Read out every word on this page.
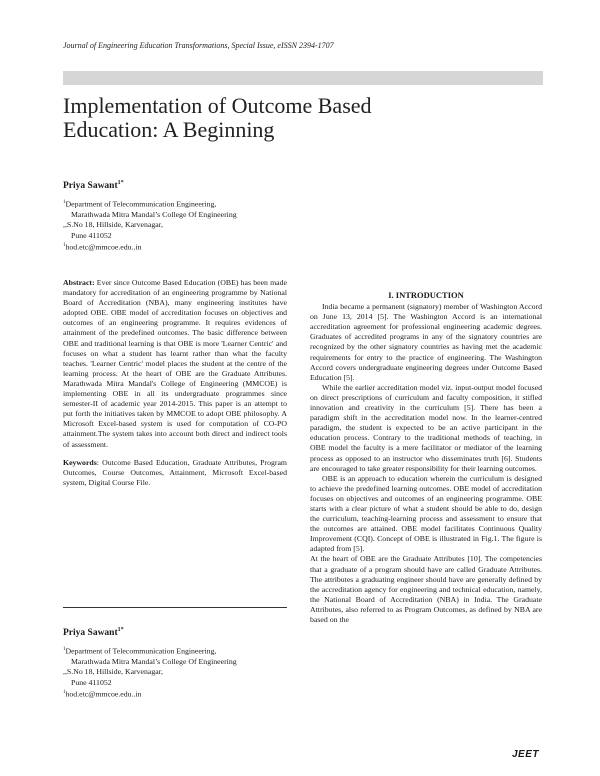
Journal of Engineering Education Transformations, Special Issue, eISSN 2394-1707
Implementation of Outcome Based
Education: A Beginning
Priya Sawant$^{1*}$
$^1$Department of Telecommunication Engineering,
Marathwada Mitra Mandal’s College Of Engineering
,,S.No 18, Hillside, Karvenagar,
Pune 411052
$^1$hod.etc@mmcoe.edu..in

Abstract: Ever since Outcome Based Education (OBE) has been made mandatory for accreditation of an engineering programme by National Board of Accreditation (NBA), many engineering institutes have adopted OBE. OBE model of accreditation focuses on objectives and outcomes of an engineering programme. It requires evidences of attainment of the predefined outcomes. The basic difference between OBE and traditional learning is that OBE is more 'Learner Centric' and focuses on what a student has learnt rather than what the faculty teaches. 'Learner Centric' model places the student at the centre of the learning process. At the heart of OBE are the Graduate Attributes. Marathwada Mitra Mandal's College of Engineering (MMCOE) is implementing OBE in all its undergraduate programmes since semester-II of academic year 2014-2015. This paper is an attempt to put forth the initiatives taken by MMCOE to adopt OBE philosophy. A Microsoft Excel-based system is used for computation of CO-PO attainment.The system takes into account both direct and indirect tools of assessment.

Keywords: Outcome Based Education, Graduate Attributes, Program Outcomes, Course Outcomes, Attainment, Microsoft Excel-based system, Digital Course File.

Priya Sawant$^{1*}$
$^1$Department of Telecommunication Engineering,
Marathwada Mitra Mandal’s College Of Engineering
,,S.No 18, Hillside, Karvenagar,
Pune 411052
$^1$hod.etc@mmcoe.edu..in
I. INTRODUCTION

India became a permanent (signatory) member of Washington Accord on June 13, 2014 [5]. The Washington Accord is an international accreditation agreement for professional engineering academic degrees. Graduates of accredited programs in any of the signatory countries are recognized by the other signatory countries as having met the academic requirements for entry to the practice of engineering. The Washington Accord covers undergraduate engineering degrees under Outcome Based Education [5].

While the earlier accreditation model viz. input-output model focused on direct prescriptions of curriculum and faculty composition, it stifled innovation and creativity in the curriculum [5]. There has been a paradigm shift in the accreditation model now. In the learner-centred paradigm, the student is expected to be an active participant in the education process. Contrary to the traditional methods of teaching, in OBE model the faculty is a mere facilitator or mediator of the learning process as opposed to an instructor who disseminates truth [6]. Students are encouraged to take greater responsibility for their learning outcomes.

OBE is an approach to education wherein the curriculum is designed to achieve the predefined learning outcomes. OBE model of accreditation focuses on objectives and outcomes of an engineering programme. OBE starts with a clear picture of what a student should be able to do, design the curriculum, teaching-learning process and assessment to ensure that the outcomes are attained. OBE model facilitates Continuous Quality Improvement (CQI). Concept of OBE is illustrated in Fig.1. The figure is adapted from [5].

At the heart of OBE are the Graduate Attributes [10]. The competencies that a graduate of a program should have are called Graduate Attributes. The attributes a graduating engineer should have are generally defined by the accreditation agency for engineering and technical education, namely, the National Board of Accreditation (NBA) in India. The Graduate Attributes, also referred to as Program Outcomes, as defined by NBA are based on the

JEET
